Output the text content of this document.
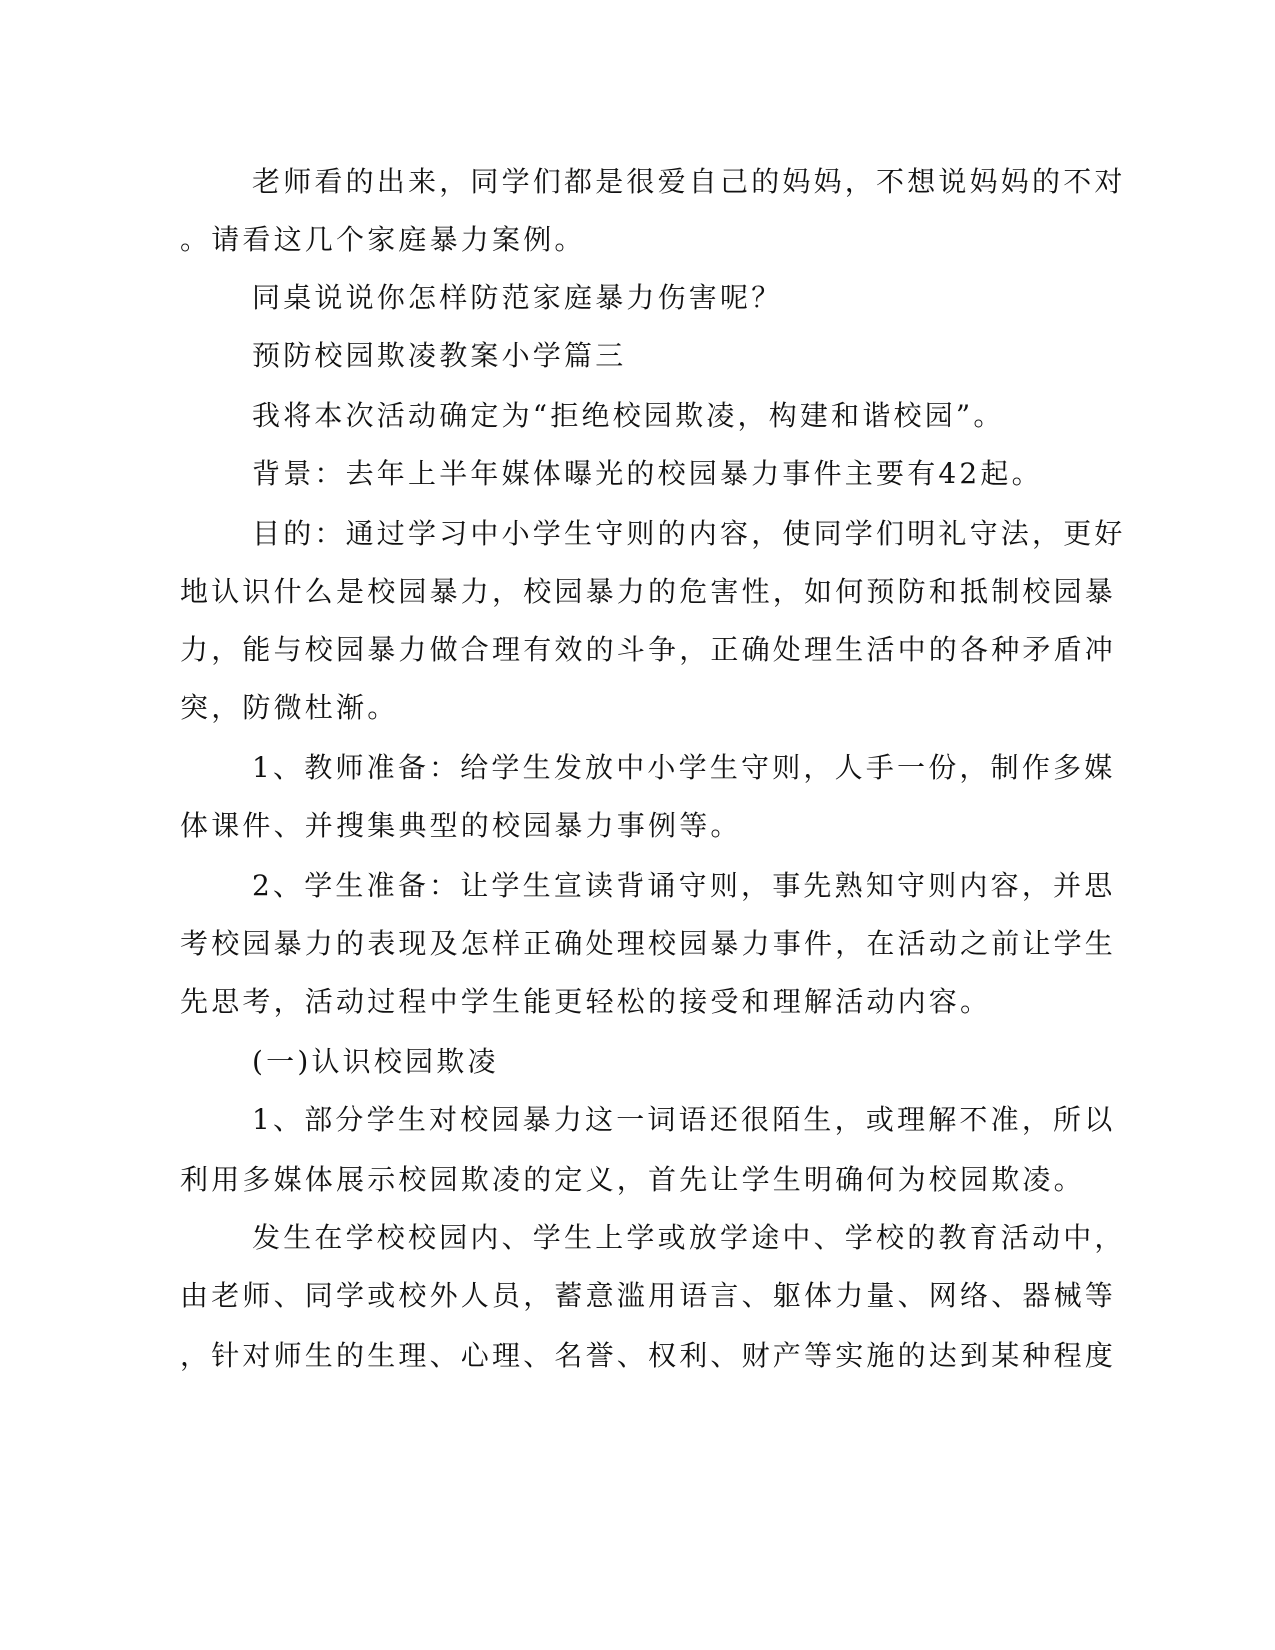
老师看的出来，同学们都是很爱自己的妈妈，不想说妈妈的不对

。请看这几个家庭暴力案例。

同桌说说你怎样防范家庭暴力伤害呢？

预防校园欺凌教案小学篇三

我将本次活动确定为“拒绝校园欺凌，构建和谐校园”。

背景：去年上半年媒体曝光的校园暴力事件主要有42起。

目的：通过学习中小学生守则的内容，使同学们明礼守法，更好

地认识什么是校园暴力，校园暴力的危害性，如何预防和抵制校园暴

力，能与校园暴力做合理有效的斗争，正确处理生活中的各种矛盾冲

突，防微杜渐。

1、教师准备：给学生发放中小学生守则，人手一份，制作多媒

体课件、并搜集典型的校园暴力事例等。

2、学生准备：让学生宣读背诵守则，事先熟知守则内容，并思

考校园暴力的表现及怎样正确处理校园暴力事件，在活动之前让学生

先思考，活动过程中学生能更轻松的接受和理解活动内容。

(一)认识校园欺凌

1、部分学生对校园暴力这一词语还很陌生，或理解不准，所以

利用多媒体展示校园欺凌的定义，首先让学生明确何为校园欺凌。

发生在学校校园内、学生上学或放学途中、学校的教育活动中，

由老师、同学或校外人员，蓄意滥用语言、躯体力量、网络、器械等

，针对师生的生理、心理、名誉、权利、财产等实施的达到某种程度
